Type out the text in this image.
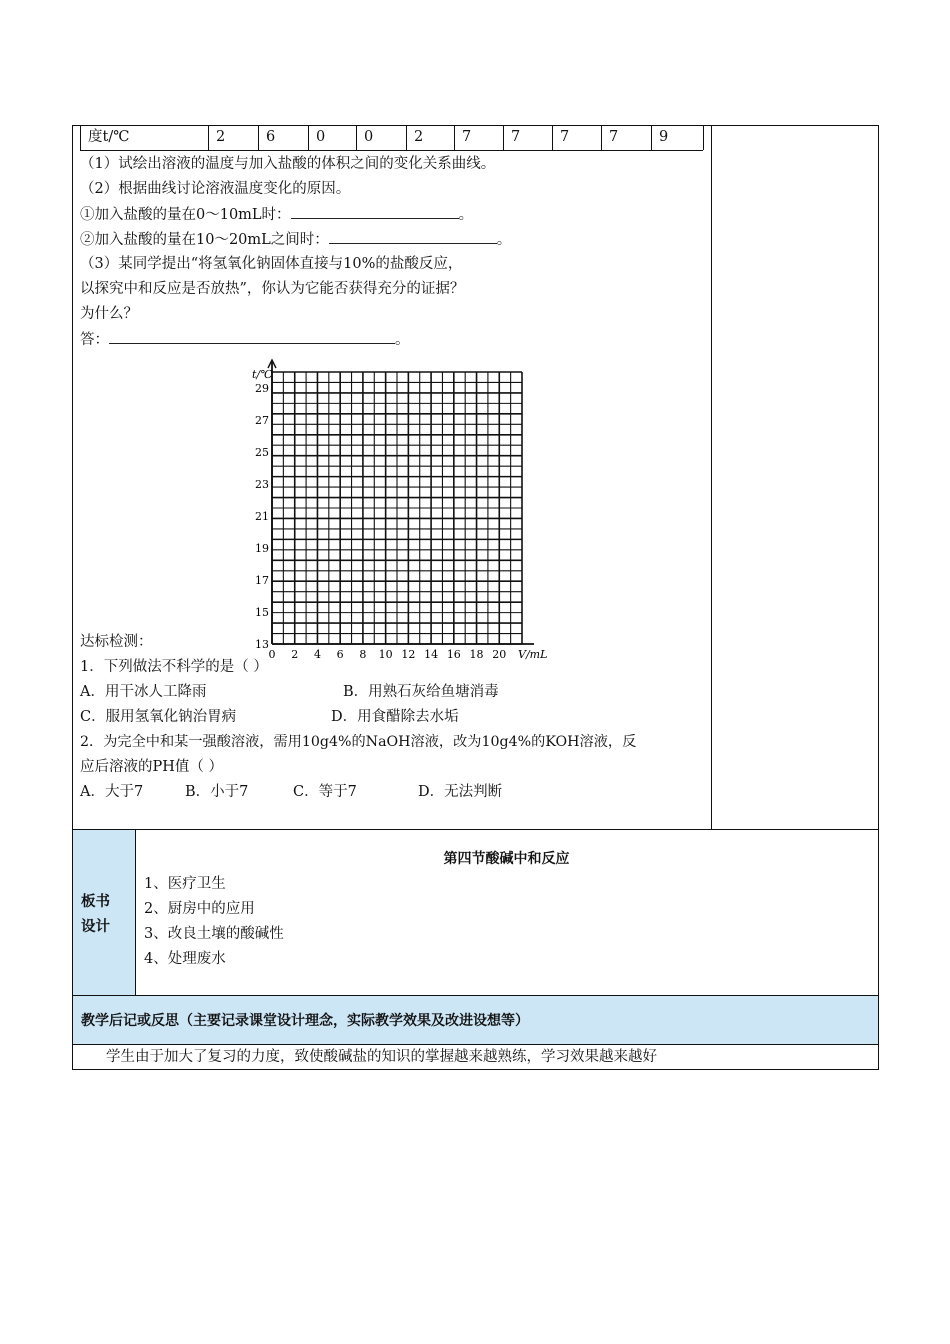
度t/℃	2	6	0	0	2	7	7	7	7	9
（1）试绘出溶液的温度与加入盐酸的体积之间的变化关系曲线。
（2）根据曲线讨论溶液温度变化的原因。
①加入盐酸的量在0～10mL时：	。
②加入盐酸的量在10～20mL之间时：	。
（3）某同学提出“将氢氧化钠固体直接与10%的盐酸反应，
以探究中和反应是否放热”，你认为它能否获得充分的证据？
为什么？
答：	。
0 2 4 6 8 10 12 14 16 18 20
13
15
17
19
21
23
25
27
29
t/℃
V/mL
达标检测：
1．下列做法不科学的是（ ）
A．用干冰人工降雨	B．用熟石灰给鱼塘消毒
C．服用氢氧化钠治胃病	D．用食醋除去水垢
2．为完全中和某一强酸溶液，需用10g4%的NaOH溶液，改为10g4%的KOH溶液，反
应后溶液的PH值（ ）
A．大于7	B．小于7	C．等于7	D．无法判断
板书
设计
第四节酸碱中和反应
1、医疗卫生
2、厨房中的应用
3、改良土壤的酸碱性
4、处理废水
教学后记或反思（主要记录课堂设计理念，实际教学效果及改进设想等）
学生由于加大了复习的力度，致使酸碱盐的知识的掌握越来越熟练，学习效果越来越好
